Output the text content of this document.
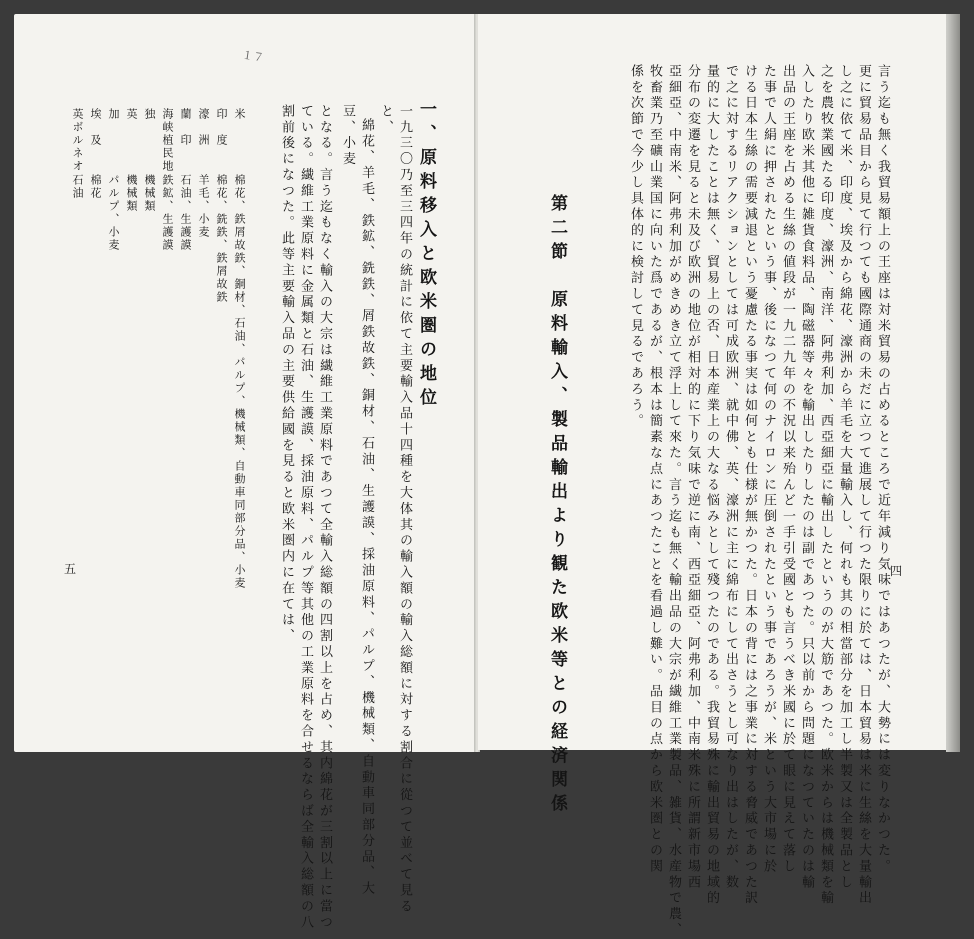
１７
一、原料移入と欧米圏の地位
一九三〇乃至三四年の統計に依て主要輸入品十四種を大体其の輸入額の輸入総額に対する割合に從つて並べて見る
と、
綿花、羊毛、鉄鉱、銑鉄、屑鉄故鉄、銅材、石油、生護謨、採油原料、パルプ、機械類、自動車同部分品、大
豆、小麦
となる。言う迄もなく輸入の大宗は繊維工業原料であつて全輸入総額の四割以上を占め、其内綿花が三割以上に當つ
ている。繊維工業原料に金属類と石油、生護謨、採油原料、パルプ等其他の工業原料を合せるならば全輸入総額の八
割前後になつた。此等主要輸入品の主要供給國を見ると欧米圏内に在ては、
米
棉花、鉄屑故鉄、銅材、石油、パルプ、機械類、自動車同部分品、小麦
印　度
棉花、銑鉄、鉄屑故鉄
濠　洲
羊毛、小麦
蘭　印
石油、生護謨
海峡植民地
鉄鉱、生護謨
独
機械類
英
機械類
加
パルプ、小麦
埃　及
棉花
英ボルネオ
石油
五	四
言う迄も無く我貿易額上の王座は対米貿易の占めるところで近年減り気味ではあつたが、大勢には変りなかつた。
更に貿易品目から見て行つても國際通商の未だに立つて進展して行つた限りに於ては、日本貿易は米に生絲を大量輸出
し之に依て米、印度、埃及から綿花、濠洲から羊毛を大量輸入し、何れも其の相當部分を加工し半製又は全製品とし
之を農牧業國たる印度、濠洲、南洋、阿弗利加、西亞細亞に輸出したというのが大筋であつた。欧米からは機械類を輸
入したり欧米其他に雑貨食料品、陶磁器等々を輸出したりしたのは副であつた。只以前から問題になつていたのは輸
出品の王座を占める生絲の値段が一九二九年の不況以来殆んど一手引受國とも言うべき米國に於て眼に見えて落し
た事で人絹に押されたという事、後になつて何のナイロンに圧倒されたという事であろうが、米という大市場に於
ける日本生絲の需要減退という憂慮たる事実は如何とも仕様が無かつた。日本の背には之事業に対する脅威であつた訳
で之に対するリアクションとしては可成欧洲、就中佛、英、濠洲に主に綿布にして出さうとし可なり出はしたが、数
量的に大したことは無く、貿易上の否、日本産業上の大なる悩みとして殘つたのである。我貿易殊に輸出貿易の地域的
分布の変遷を見ると未及び欧洲の地位が相対的に下り気味で逆に南、西亞細亞、阿弗利加、中南米殊に所謂新市場西
亞細亞、中南米、阿弗利加がめきめき立て浮上して來た。言う迄も無く輸出品の大宗が繊維工業製品、雑貨、水産物で農、
牧畜業乃至礦山業国に向いた爲であるが、根本は簡素な点にあつたことを看過し難い。品目の点から欧米圏との関
係を次節で今少し具体的に検討して見るであろう。
第二節　原料輸入、製品輸出より観た欧米等との経済関係
